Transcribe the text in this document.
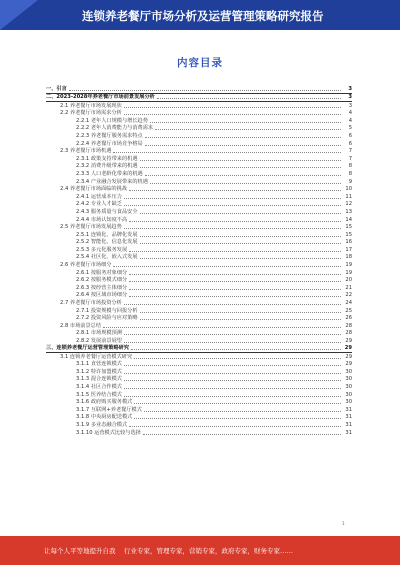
连锁养老餐厅市场分析及运营管理策略研究报告
内容目录
一、引言	3
二、2023-2028年养老餐厅市场前景发展分析	3
2.1 养老餐厅市场发展现状	3
2.2 养老餐厅市场需求分析	4
2.2.1 老年人口规模与增长趋势	4
2.2.2 老年人消费能力与消费需求	5
2.2.3 养老餐厅服务需求特点	6
2.2.4 养老餐厅市场竞争格局	6
2.3 养老餐厅市场机遇	7
2.3.1 政策支持带来的机遇	7
2.3.2 消费升级带来的机遇	8
2.3.3 人口老龄化带来的机遇	8
2.3.4 产业融合发展带来的机遇	9
2.4 养老餐厅市场面临的挑战	10
2.4.1 运营成本压力	11
2.4.2 专业人才缺乏	12
2.4.3 服务质量与食品安全	13
2.4.4 市场认知度不高	14
2.5 养老餐厅市场发展趋势	15
2.5.1 连锁化、品牌化发展	15
2.5.2 智能化、信息化发展	16
2.5.3 多元化服务发展	17
2.5.4 社区化、嵌入式发展	18
2.6 养老餐厅市场细分	19
2.6.1 按服务对象细分	19
2.6.2 按服务模式细分	20
2.6.3 按经营主体细分	21
2.6.4 按区域市场细分	22
2.7 养老餐厅市场投资分析	24
2.7.1 投资规模与回报分析	25
2.7.2 投资风险与应对策略	26
2.8 市场前景总结	28
2.8.1 市场规模预测	28
2.8.2 发展前景展望	29
三、连锁养老餐厅运营管理策略研究	29
3.1 连锁养老餐厅运营模式研究	29
3.1.1 直营连锁模式	29
3.1.2 特许加盟模式	30
3.1.3 混合连锁模式	30
3.1.4 社区合作模式	30
3.1.5 医养结合模式	30
3.1.6 政府购买服务模式	30
3.1.7 互联网+养老餐厅模式	31
3.1.8 中央厨房配送模式	31
3.1.9 多业态融合模式	31
3.1.10 运营模式比较与选择	31
1
让每个人平等地提升自我 行业专家，管理专家，营销专家，政府专家，财务专家……
